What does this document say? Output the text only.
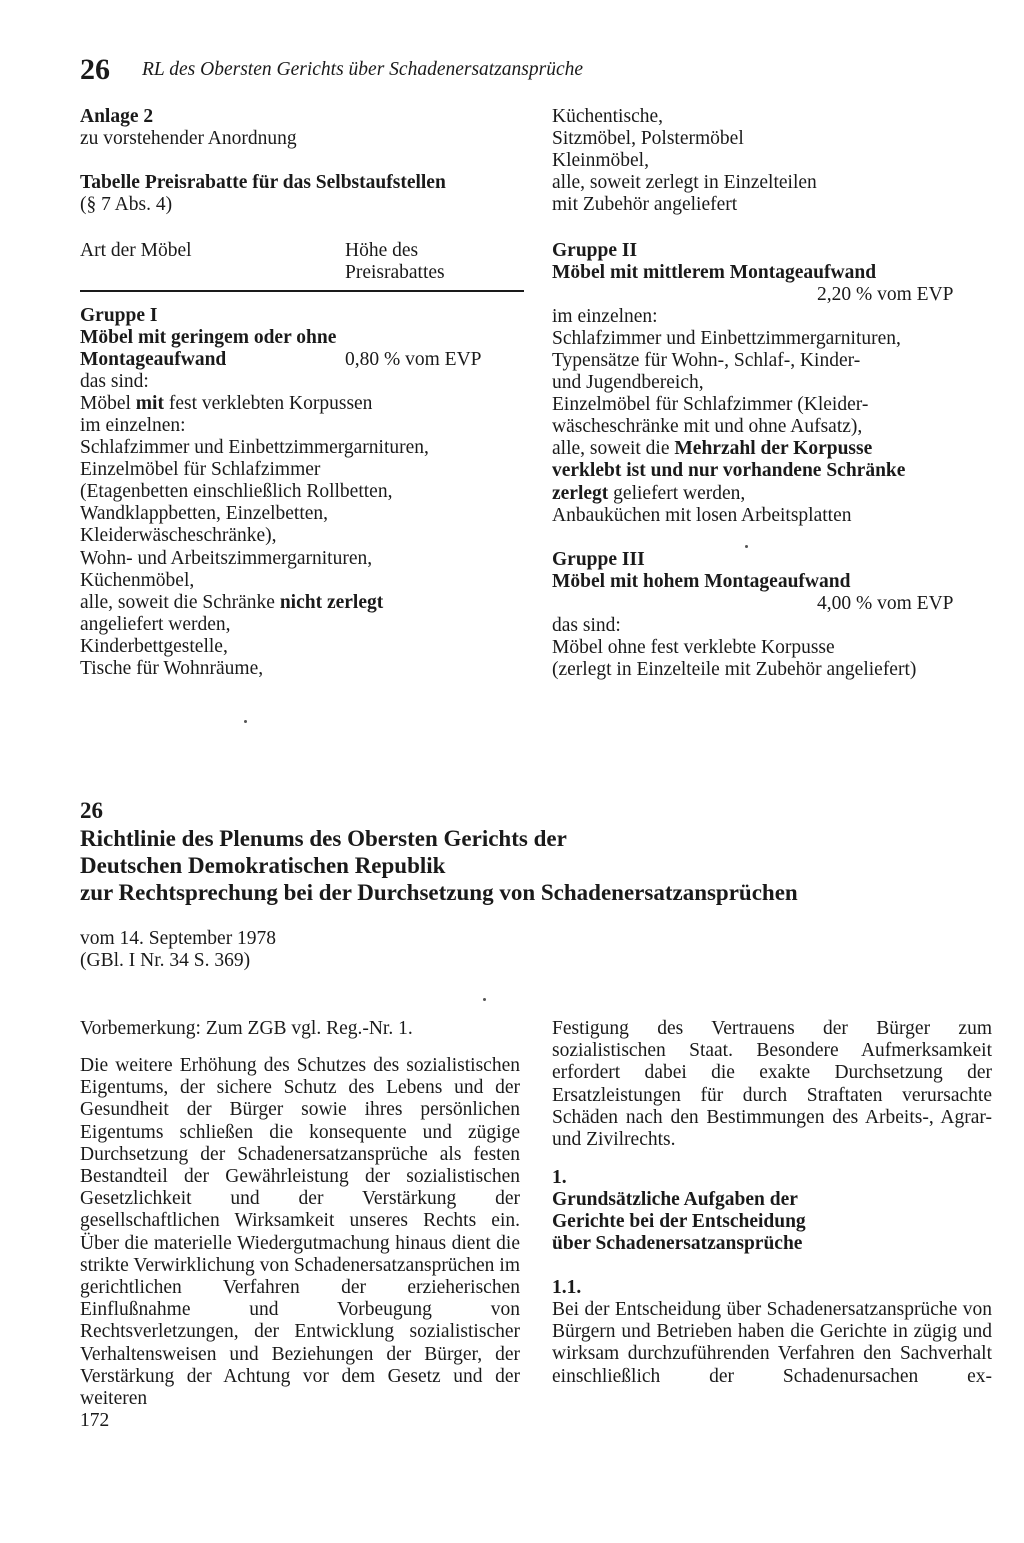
26 RL des Obersten Gerichts über Schadenersatzansprüche
Anlage 2
zu vorstehender Anordnung
Tabelle Preisrabatte für das Selbstaufstellen
(§ 7 Abs. 4)
Art der Möbel	Höhe des
Preisrabattes
Gruppe I
Möbel mit geringem oder ohne
Montageaufwand	0,80 % vom EVP
das sind:
Möbel mit fest verklebten Korpussen
im einzelnen:
Schlafzimmer und Einbettzimmergarnituren,
Einzelmöbel für Schlafzimmer
(Etagenbetten einschließlich Rollbetten,
Wandklappbetten, Einzelbetten,
Kleiderwäscheschränke),
Wohn- und Arbeitszimmergarnituren,
Küchenmöbel,
alle, soweit die Schränke nicht zerlegt
angeliefert werden,
Kinderbettgestelle,
Tische für Wohnräume,
Küchentische,
Sitzmöbel, Polstermöbel
Kleinmöbel,
alle, soweit zerlegt in Einzelteilen
mit Zubehör angeliefert
Gruppe II
Möbel mit mittlerem Montageaufwand
2,20 % vom EVP
im einzelnen:
Schlafzimmer und Einbettzimmergarnituren,
Typensätze für Wohn-, Schlaf-, Kinder-
und Jugendbereich,
Einzelmöbel für Schlafzimmer (Kleider-
wäscheschränke mit und ohne Aufsatz),
alle, soweit die Mehrzahl der Korpusse
verklebt ist und nur vorhandene Schränke
zerlegt geliefert werden,
Anbauküchen mit losen Arbeitsplatten
Gruppe III
Möbel mit hohem Montageaufwand
4,00 % vom EVP
das sind:
Möbel ohne fest verklebte Korpusse
(zerlegt in Einzelteile mit Zubehör angeliefert)
26
Richtlinie des Plenums des Obersten Gerichts der
Deutschen Demokratischen Republik
zur Rechtsprechung bei der Durchsetzung von Schadenersatzansprüchen
vom 14. September 1978
(GBl. I Nr. 34 S. 369)
Vorbemerkung: Zum ZGB vgl. Reg.-Nr. 1.
Die weitere Erhöhung des Schutzes des sozialistischen Eigentums, der sichere Schutz des Lebens und der Gesundheit der Bürger sowie ihres persönlichen Eigentums schließen die konsequente und zügige Durchsetzung der Schadenersatzansprüche als festen Bestandteil der Gewährleistung der sozialistischen Gesetzlichkeit und der Verstärkung der gesellschaftlichen Wirksamkeit unseres Rechts ein. Über die materielle Wiedergutmachung hinaus dient die strikte Verwirklichung von Schadenersatzansprüchen im gerichtlichen Verfahren der erzieherischen Einflußnahme und Vorbeugung von Rechtsverletzungen, der Entwicklung sozialistischer Verhaltensweisen und Beziehungen der Bürger, der Verstärkung der Achtung vor dem Gesetz und der weiteren
Festigung des Vertrauens der Bürger zum sozialistischen Staat. Besondere Aufmerksamkeit erfordert dabei die exakte Durchsetzung der Ersatzleistungen für durch Straftaten verursachte Schäden nach den Bestimmungen des Arbeits-, Agrar- und Zivilrechts.
1.
Grundsätzliche Aufgaben der
Gerichte bei der Entscheidung
über Schadenersatzansprüche
1.1.
Bei der Entscheidung über Schadenersatzansprüche von Bürgern und Betrieben haben die Gerichte in zügig und wirksam durchzuführenden Verfahren den Sachverhalt einschließlich der Schadenursachen ex-
172
